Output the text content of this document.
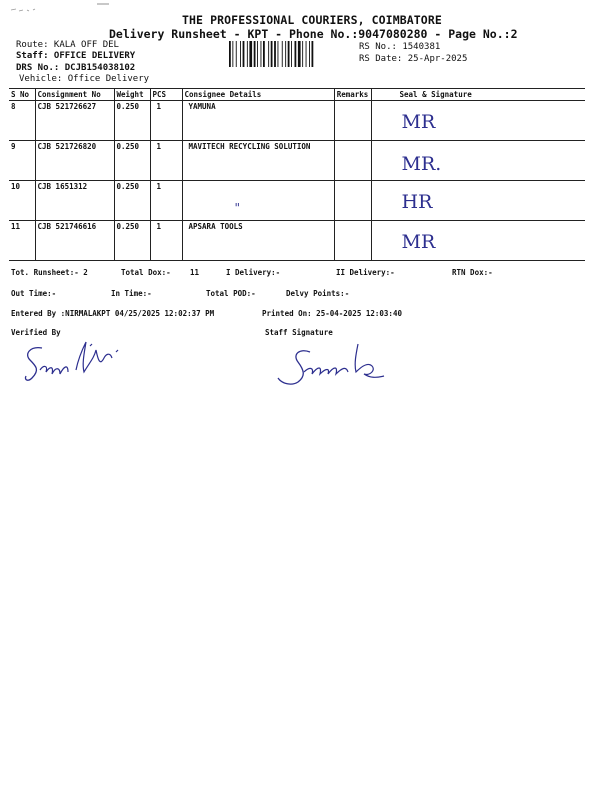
THE PROFESSIONAL COURIERS, COIMBATORE
Delivery Runsheet - KPT - Phone No.:9047080280 - Page No.:2
Route: KALA OFF DEL
Staff: OFFICE DELIVERY
DRS No.: DCJB154038102
Vehicle: Office Delivery
RS No.: 1540381
RS Date: 25-Apr-2025
S No	Consignment No	Weight	PCS	Consignee Details	Remarks	Seal & Signature
8	CJB 521726627	0.250	1	YAMUNA		MR

9	CJB 521726820	0.250	1	MAVITECH RECYCLING SOLUTION		MR.

10	CJB 1651312	0.250	1	"		HR

11	CJB 521746616	0.250	1	APSARA TOOLS		MR
Tot. Runsheet:- 2	Total Dox:-	11	I Delivery:-	II Delivery:-	RTN Dox:-
Out Time:-	In Time:-	Total POD:-	Delvy Points:-
Entered By :NIRMALAKPT 04/25/2025 12:02:37 PM	Printed On: 25-04-2025 12:03:40
Verified By	Staff Signature
